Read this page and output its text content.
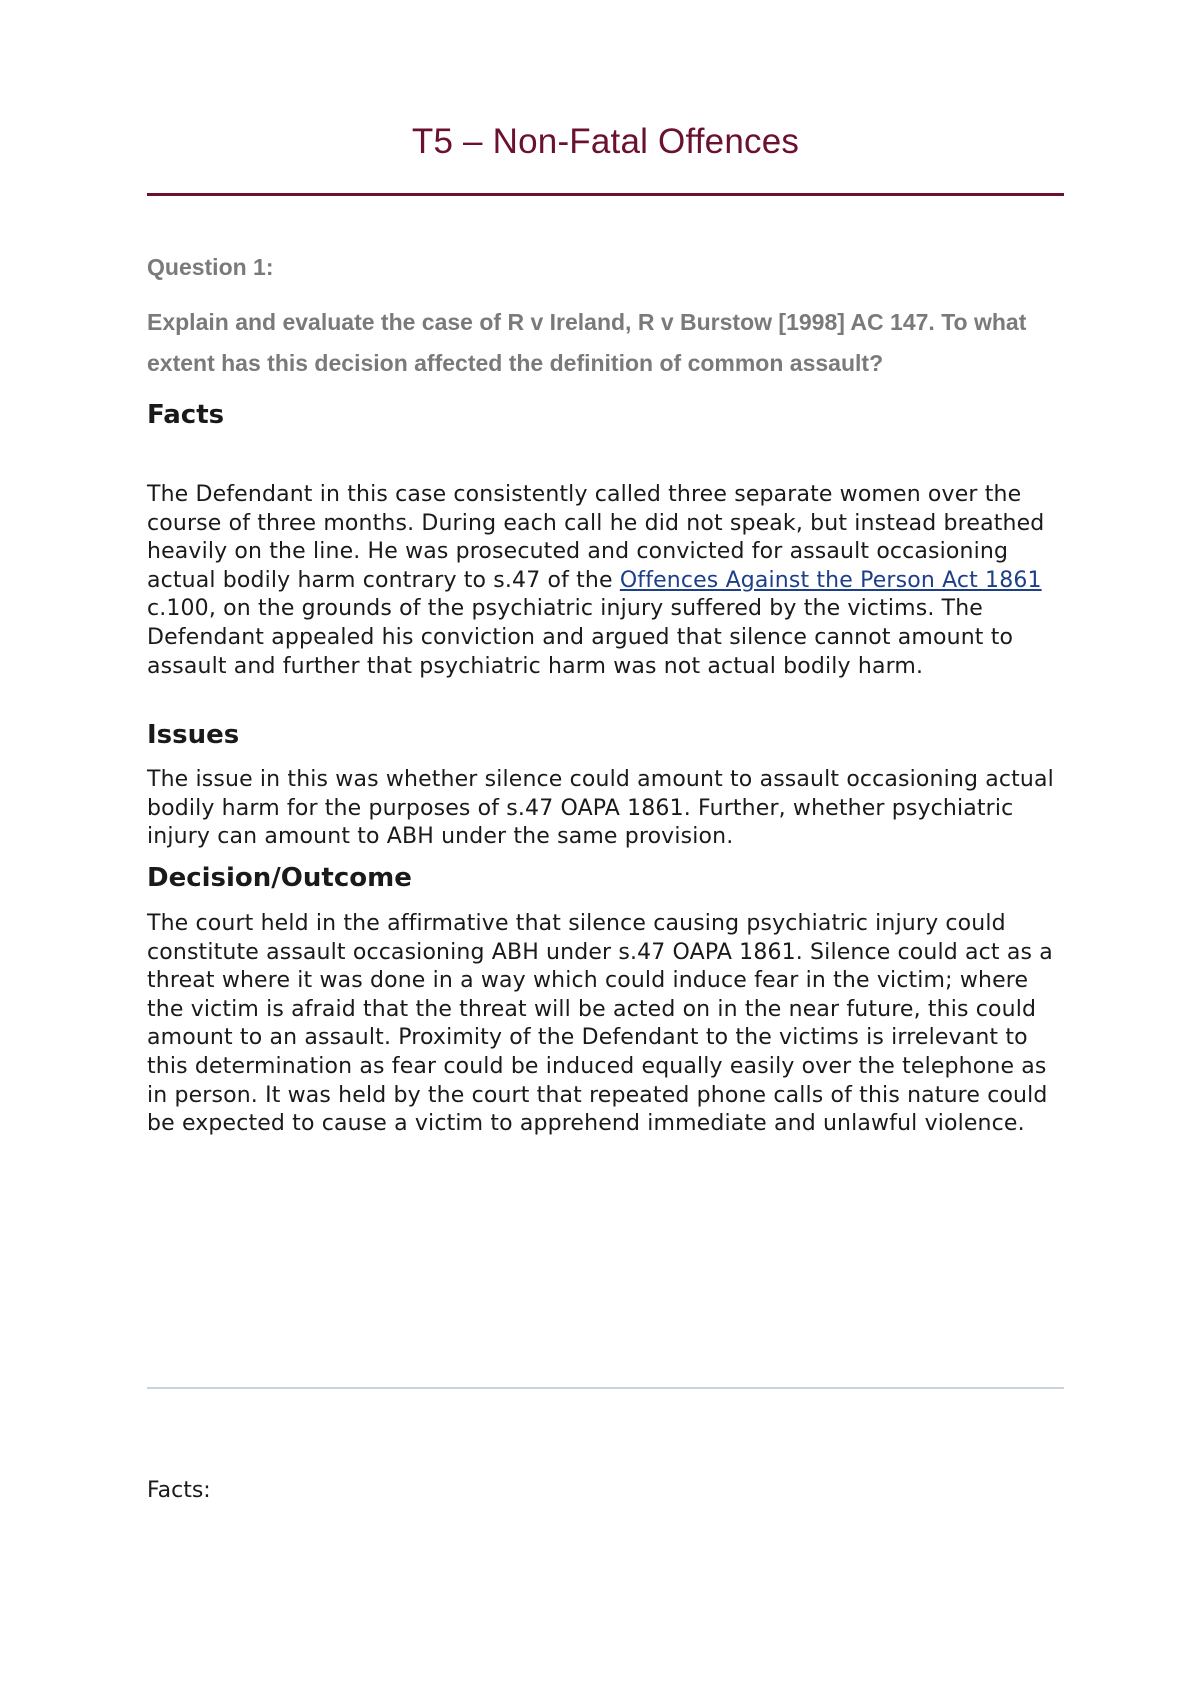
T5 – Non-Fatal Offences
Question 1:

Explain and evaluate the case of R v Ireland, R v Burstow [1998] AC 147. To what extent has this decision affected the definition of common assault?

Facts

The Defendant in this case consistently called three separate women over the course of three months. During each call he did not speak, but instead breathed heavily on the line. He was prosecuted and convicted for assault occasioning actual bodily harm contrary to s.47 of the Offences Against the Person Act 1861 c.100, on the grounds of the psychiatric injury suffered by the victims. The Defendant appealed his conviction and argued that silence cannot amount to assault and further that psychiatric harm was not actual bodily harm.

Issues

The issue in this was whether silence could amount to assault occasioning actual bodily harm for the purposes of s.47 OAPA 1861. Further, whether psychiatric injury can amount to ABH under the same provision.

Decision/Outcome

The court held in the affirmative that silence causing psychiatric injury could constitute assault occasioning ABH under s.47 OAPA 1861. Silence could act as a threat where it was done in a way which could induce fear in the victim; where the victim is afraid that the threat will be acted on in the near future, this could amount to an assault. Proximity of the Defendant to the victims is irrelevant to this determination as fear could be induced equally easily over the telephone as in person. It was held by the court that repeated phone calls of this nature could be expected to cause a victim to apprehend immediate and unlawful violence.

Facts:
